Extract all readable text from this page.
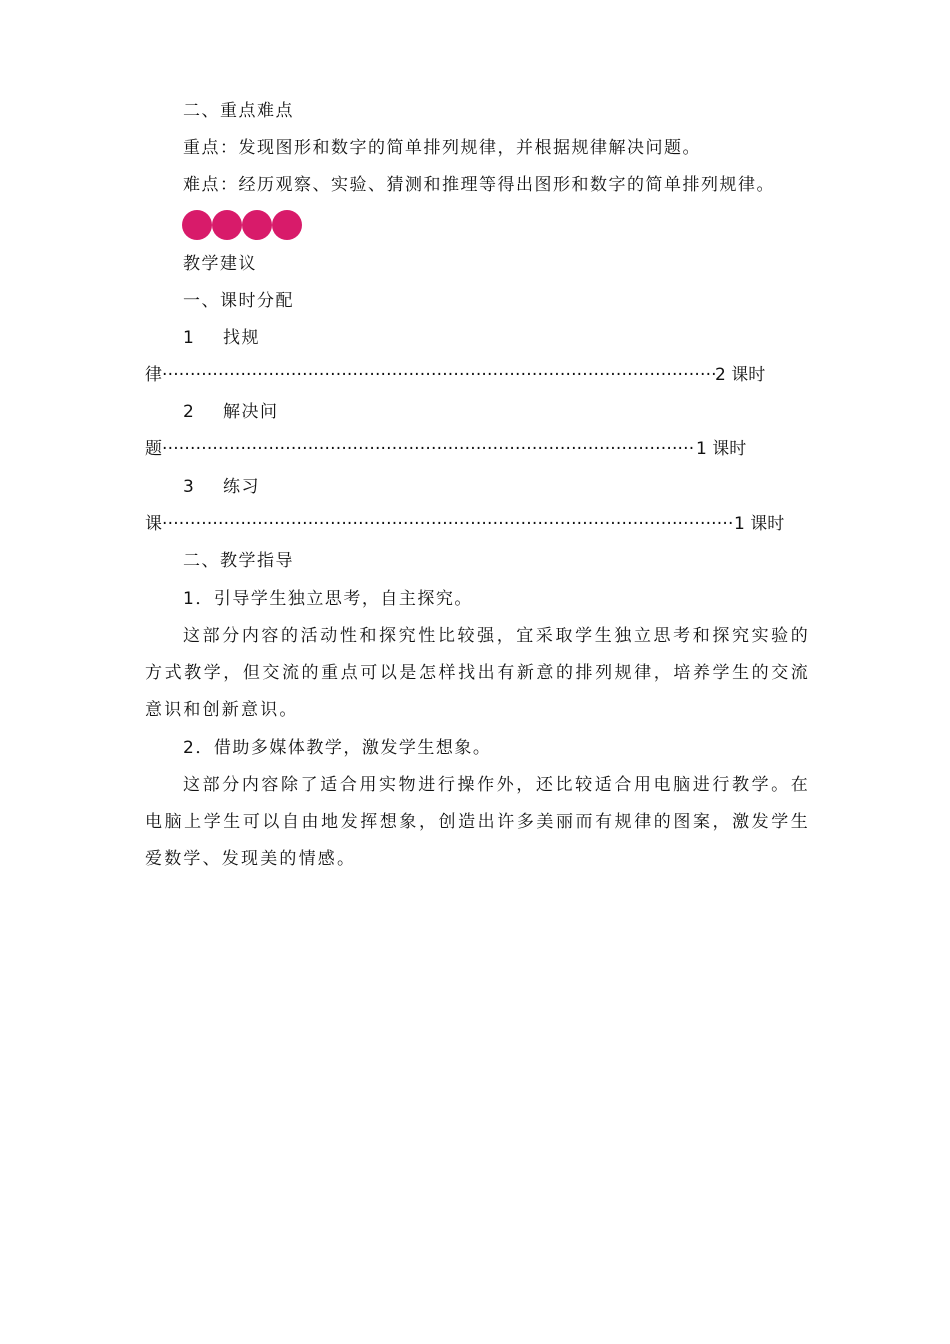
二、重点难点
重点：发现图形和数字的简单排列规律，并根据规律解决问题。
难点：经历观察、实验、猜测和推理等得出图形和数字的简单排列规律。
教学建议
一、课时分配
1 找规
律 ·····	2 课时
2 解决问
题 ·····	1 课时
3 练习
课 ·····	1 课时
二、教学指导
1．引导学生独立思考，自主探究。
这部分内容的活动性和探究性比较强，宜采取学生独立思考和探究实验的方式教学，但交流的重点可以是怎样找出有新意的排列规律，培养学生的交流意识和创新意识。
2．借助多媒体教学，激发学生想象。
这部分内容除了适合用实物进行操作外，还比较适合用电脑进行教学。在电脑上学生可以自由地发挥想象，创造出许多美丽而有规律的图案，激发学生爱数学、发现美的情感。
